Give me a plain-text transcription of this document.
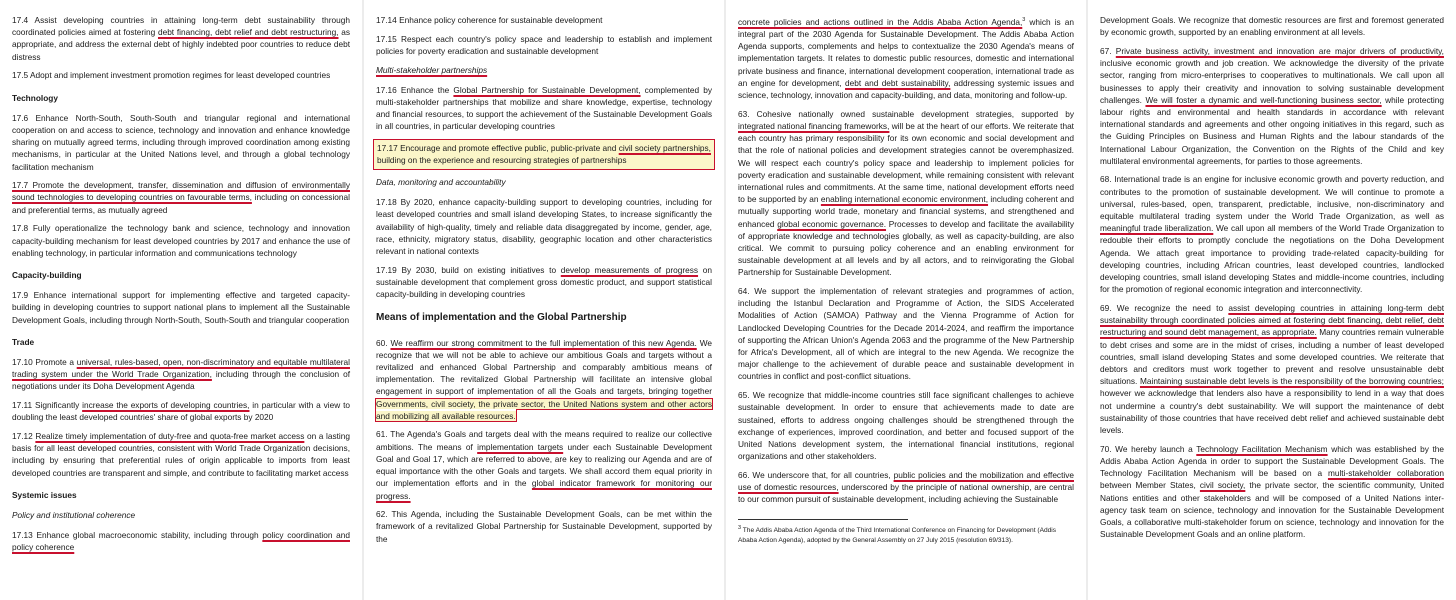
17.4 Assist developing countries in attaining long-term debt sustainability through coordinated policies aimed at fostering debt financing, debt relief and debt restructuring, as appropriate, and address the external debt of highly indebted poor countries to reduce debt distress

17.5 Adopt and implement investment promotion regimes for least developed countries

Technology

17.6 Enhance North-South, South-South and triangular regional and international cooperation on and access to science, technology and innovation and enhance knowledge sharing on mutually agreed terms, including through improved coordination among existing mechanisms, in particular at the United Nations level, and through a global technology facilitation mechanism

17.7 Promote the development, transfer, dissemination and diffusion of environmentally sound technologies to developing countries on favourable terms, including on concessional and preferential terms, as mutually agreed

17.8 Fully operationalize the technology bank and science, technology and innovation capacity-building mechanism for least developed countries by 2017 and enhance the use of enabling technology, in particular information and communications technology

Capacity-building

17.9 Enhance international support for implementing effective and targeted capacity-building in developing countries to support national plans to implement all the Sustainable Development Goals, including through North-South, South-South and triangular cooperation

Trade

17.10 Promote a universal, rules-based, open, non-discriminatory and equitable multilateral trading system under the World Trade Organization, including through the conclusion of negotiations under its Doha Development Agenda

17.11 Significantly increase the exports of developing countries, in particular with a view to doubling the least developed countries' share of global exports by 2020

17.12 Realize timely implementation of duty-free and quota-free market access on a lasting basis for all least developed countries, consistent with World Trade Organization decisions, including by ensuring that preferential rules of origin applicable to imports from least developed countries are transparent and simple, and contribute to facilitating market access

Systemic issues
Policy and institutional coherence

17.13 Enhance global macroeconomic stability, including through policy coordination and policy coherence

17.14 Enhance policy coherence for sustainable development

17.15 Respect each country's policy space and leadership to establish and implement policies for poverty eradication and sustainable development

Multi-stakeholder partnerships

17.16 Enhance the Global Partnership for Sustainable Development, complemented by multi-stakeholder partnerships that mobilize and share knowledge, expertise, technology and financial resources, to support the achievement of the Sustainable Development Goals in all countries, in particular developing countries

17.17 Encourage and promote effective public, public-private and civil society partnerships, building on the experience and resourcing strategies of partnerships

Data, monitoring and accountability

17.18 By 2020, enhance capacity-building support to developing countries, including for least developed countries and small island developing States, to increase significantly the availability of high-quality, timely and reliable data disaggregated by income, gender, age, race, ethnicity, migratory status, disability, geographic location and other characteristics relevant in national contexts

17.19 By 2030, build on existing initiatives to develop measurements of progress on sustainable development that complement gross domestic product, and support statistical capacity-building in developing countries

Means of implementation and the Global Partnership

60. We reaffirm our strong commitment to the full implementation of this new Agenda. We recognize that we will not be able to achieve our ambitious Goals and targets without a revitalized and enhanced Global Partnership and comparably ambitious means of implementation. The revitalized Global Partnership will facilitate an intensive global engagement in support of implementation of all the Goals and targets, bringing together Governments, civil society, the private sector, the United Nations system and other actors and mobilizing all available resources.

61. The Agenda's Goals and targets deal with the means required to realize our collective ambitions. The means of implementation targets under each Sustainable Development Goal and Goal 17, which are referred to above, are key to realizing our Agenda and are of equal importance with the other Goals and targets. We shall accord them equal priority in our implementation efforts and in the global indicator framework for monitoring our progress.

62. This Agenda, including the Sustainable Development Goals, can be met within the framework of a revitalized Global Partnership for Sustainable Development, supported by the

concrete policies and actions outlined in the Addis Ababa Action Agenda,$^3$ which is an integral part of the 2030 Agenda for Sustainable Development. The Addis Ababa Action Agenda supports, complements and helps to contextualize the 2030 Agenda's means of implementation targets. It relates to domestic public resources, domestic and international private business and finance, international development cooperation, international trade as an engine for development, debt and debt sustainability, addressing systemic issues and science, technology, innovation and capacity-building, and data, monitoring and follow-up.

63. Cohesive nationally owned sustainable development strategies, supported by integrated national financing frameworks, will be at the heart of our efforts. We reiterate that each country has primary responsibility for its own economic and social development and that the role of national policies and development strategies cannot be overemphasized. We will respect each country's policy space and leadership to implement policies for poverty eradication and sustainable development, while remaining consistent with relevant international rules and commitments. At the same time, national development efforts need to be supported by an enabling international economic environment, including coherent and mutually supporting world trade, monetary and financial systems, and strengthened and enhanced global economic governance. Processes to develop and facilitate the availability of appropriate knowledge and technologies globally, as well as capacity-building, are also critical. We commit to pursuing policy coherence and an enabling environment for sustainable development at all levels and by all actors, and to reinvigorating the Global Partnership for Sustainable Development.

64. We support the implementation of relevant strategies and programmes of action, including the Istanbul Declaration and Programme of Action, the SIDS Accelerated Modalities of Action (SAMOA) Pathway and the Vienna Programme of Action for Landlocked Developing Countries for the Decade 2014-2024, and reaffirm the importance of supporting the African Union's Agenda 2063 and the programme of the New Partnership for Africa's Development, all of which are integral to the new Agenda. We recognize the major challenge to the achievement of durable peace and sustainable development in countries in conflict and post-conflict situations.

65. We recognize that middle-income countries still face significant challenges to achieve sustainable development. In order to ensure that achievements made to date are sustained, efforts to address ongoing challenges should be strengthened through the exchange of experiences, improved coordination, and better and focused support of the United Nations development system, the international financial institutions, regional organizations and other stakeholders.

66. We underscore that, for all countries, public policies and the mobilization and effective use of domestic resources, underscored by the principle of national ownership, are central to our common pursuit of sustainable development, including achieving the Sustainable

$^3$ The Addis Ababa Action Agenda of the Third International Conference on Financing for Development (Addis Ababa Action Agenda), adopted by the General Assembly on 27 July 2015 (resolution 69/313).

Development Goals. We recognize that domestic resources are first and foremost generated by economic growth, supported by an enabling environment at all levels.

67. Private business activity, investment and innovation are major drivers of productivity, inclusive economic growth and job creation. We acknowledge the diversity of the private sector, ranging from micro-enterprises to cooperatives to multinationals. We call upon all businesses to apply their creativity and innovation to solving sustainable development challenges. We will foster a dynamic and well-functioning business sector, while protecting labour rights and environmental and health standards in accordance with relevant international standards and agreements and other ongoing initiatives in this regard, such as the Guiding Principles on Business and Human Rights and the labour standards of the International Labour Organization, the Convention on the Rights of the Child and key multilateral environmental agreements, for parties to those agreements.

68. International trade is an engine for inclusive economic growth and poverty reduction, and contributes to the promotion of sustainable development. We will continue to promote a universal, rules-based, open, transparent, predictable, inclusive, non-discriminatory and equitable multilateral trading system under the World Trade Organization, as well as meaningful trade liberalization. We call upon all members of the World Trade Organization to redouble their efforts to promptly conclude the negotiations on the Doha Development Agenda. We attach great importance to providing trade-related capacity-building for developing countries, including African countries, least developed countries, landlocked developing countries, small island developing States and middle-income countries, including for the promotion of regional economic integration and interconnectivity.

69. We recognize the need to assist developing countries in attaining long-term debt sustainability through coordinated policies aimed at fostering debt financing, debt relief, debt restructuring and sound debt management, as appropriate. Many countries remain vulnerable to debt crises and some are in the midst of crises, including a number of least developed countries, small island developing States and some developed countries. We reiterate that debtors and creditors must work together to prevent and resolve unsustainable debt situations. Maintaining sustainable debt levels is the responsibility of the borrowing countries; however we acknowledge that lenders also have a responsibility to lend in a way that does not undermine a country's debt sustainability. We will support the maintenance of debt sustainability of those countries that have received debt relief and achieved sustainable debt levels.

70. We hereby launch a Technology Facilitation Mechanism which was established by the Addis Ababa Action Agenda in order to support the Sustainable Development Goals. The Technology Facilitation Mechanism will be based on a multi-stakeholder collaboration between Member States, civil society, the private sector, the scientific community, United Nations entities and other stakeholders and will be composed of a United Nations inter-agency task team on science, technology and innovation for the Sustainable Development Goals, a collaborative multi-stakeholder forum on science, technology and innovation for the Sustainable Development Goals and an online platform.
